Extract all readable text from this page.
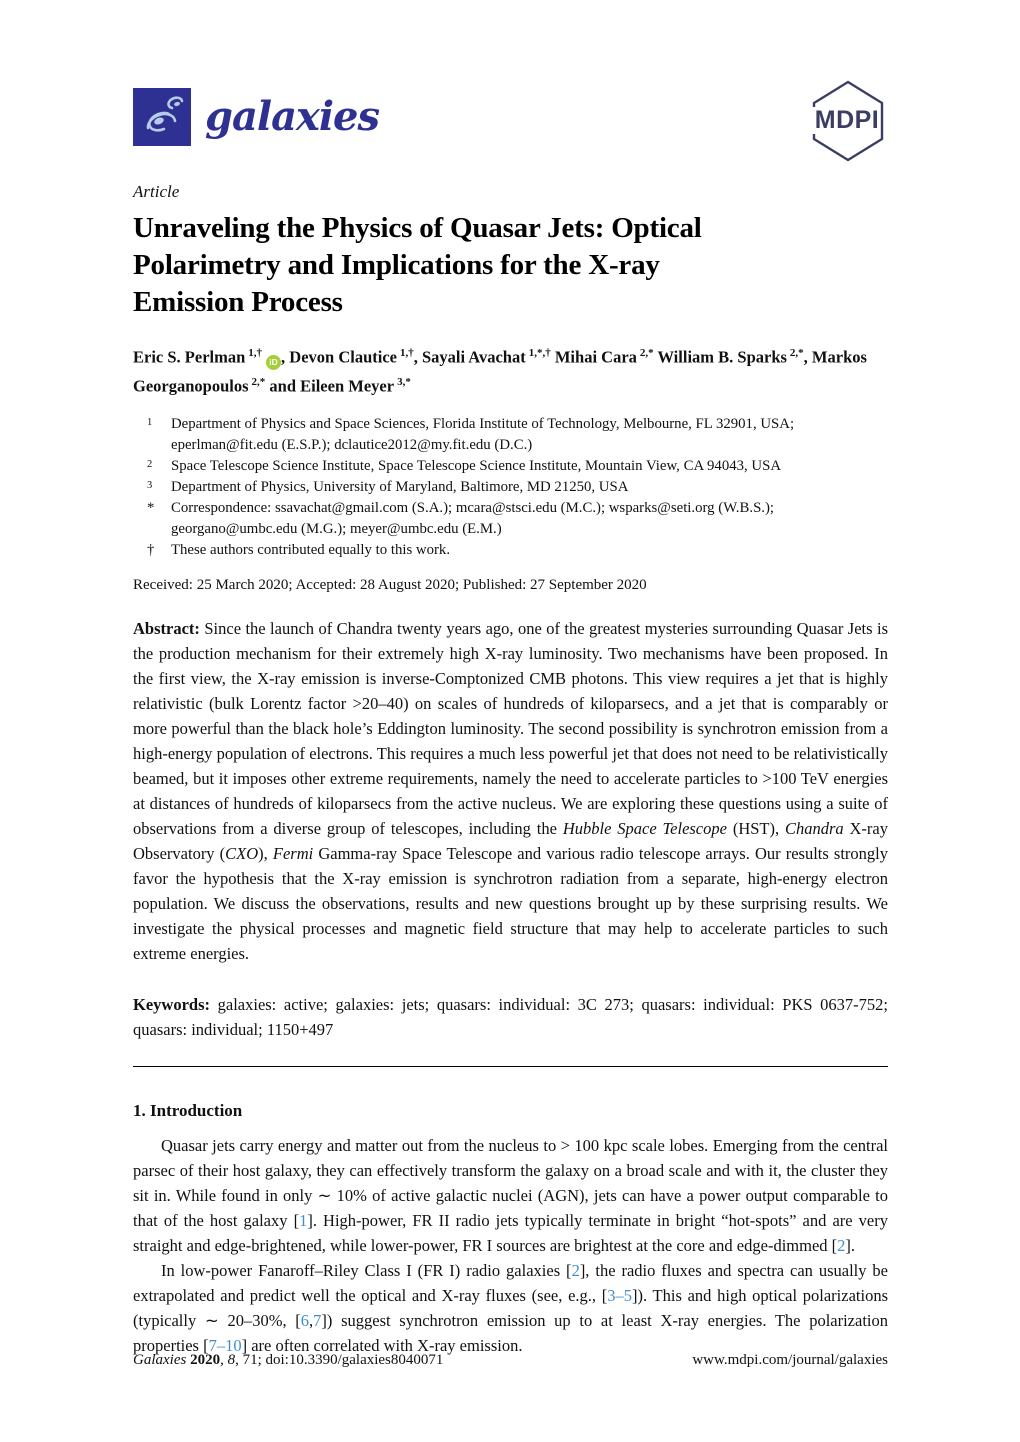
galaxies	MDPI
Article
Unraveling the Physics of Quasar Jets: Optical
Polarimetry and Implications for the X-ray
Emission Process
Eric S. Perlman $^{1,\dagger}$iD , Devon Clautice $^{1,\dagger}$, Sayali Avachat $^{1,*,\dagger}$ Mihai Cara $^{2,*}$ William B. Sparks $^{2,*}$, Markos Georganopoulos $^{2,*}$ and Eileen Meyer $^{3,*}$
1	Department of Physics and Space Sciences, Florida Institute of Technology, Melbourne, FL 32901, USA; eperlman@fit.edu (E.S.P.); dclautice2012@my.fit.edu (D.C.)
2	Space Telescope Science Institute, Space Telescope Science Institute, Mountain View, CA 94043, USA
3	Department of Physics, University of Maryland, Baltimore, MD 21250, USA
*	Correspondence: ssavachat@gmail.com (S.A.); mcara@stsci.edu (M.C.); wsparks@seti.org (W.B.S.); georgano@umbc.edu (M.G.); meyer@umbc.edu (E.M.)
†	These authors contributed equally to this work.
Received: 25 March 2020; Accepted: 28 August 2020; Published: 27 September 2020

Abstract: Since the launch of Chandra twenty years ago, one of the greatest mysteries surrounding Quasar Jets is the production mechanism for their extremely high X-ray luminosity. Two mechanisms have been proposed. In the first view, the X-ray emission is inverse-Comptonized CMB photons. This view requires a jet that is highly relativistic (bulk Lorentz factor >20–40) on scales of hundreds of kiloparsecs, and a jet that is comparably or more powerful than the black hole’s Eddington luminosity. The second possibility is synchrotron emission from a high-energy population of electrons. This requires a much less powerful jet that does not need to be relativistically beamed, but it imposes other extreme requirements, namely the need to accelerate particles to >100 TeV energies at distances of hundreds of kiloparsecs from the active nucleus. We are exploring these questions using a suite of observations from a diverse group of telescopes, including the Hubble Space Telescope (HST), Chandra X-ray Observatory (CXO), Fermi Gamma-ray Space Telescope and various radio telescope arrays. Our results strongly favor the hypothesis that the X-ray emission is synchrotron radiation from a separate, high-energy electron population. We discuss the observations, results and new questions brought up by these surprising results. We investigate the physical processes and magnetic field structure that may help to accelerate particles to such extreme energies.

Keywords: galaxies: active; galaxies: jets; quasars: individual: 3C 273; quasars: individual: PKS 0637-752; quasars: individual; 1150+497

1. Introduction

Quasar jets carry energy and matter out from the nucleus to > 100 kpc scale lobes. Emerging from the central parsec of their host galaxy, they can effectively transform the galaxy on a broad scale and with it, the cluster they sit in. While found in only ∼ 10% of active galactic nuclei (AGN), jets can have a power output comparable to that of the host galaxy [1]. High-power, FR II radio jets typically terminate in bright “hot-spots” and are very straight and edge-brightened, while lower-power, FR I sources are brightest at the core and edge-dimmed [2].

In low-power Fanaroff–Riley Class I (FR I) radio galaxies [2], the radio fluxes and spectra can usually be extrapolated and predict well the optical and X-ray fluxes (see, e.g., [3–5]). This and high optical polarizations (typically ∼ 20–30%, [6,7]) suggest synchrotron emission up to at least X-ray energies. The polarization properties [7–10] are often correlated with X-ray emission.

Galaxies 2020, 8, 71; doi:10.3390/galaxies8040071	www.mdpi.com/journal/galaxies
